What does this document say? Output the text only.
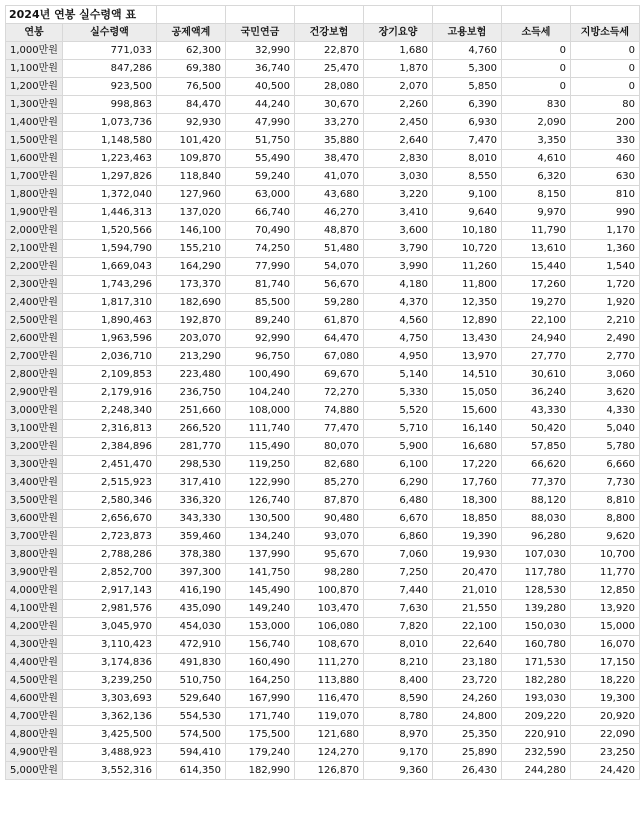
2024년 연봉 실수령액 표								
연봉	실수령액	공제액계	국민연금	건강보험	장기요양	고용보험	소득세	지방소득세
1,000만원	771,033	62,300	32,990	22,870	1,680	4,760	0	0
1,100만원	847,286	69,380	36,740	25,470	1,870	5,300	0	0
1,200만원	923,500	76,500	40,500	28,080	2,070	5,850	0	0
1,300만원	998,863	84,470	44,240	30,670	2,260	6,390	830	80
1,400만원	1,073,736	92,930	47,990	33,270	2,450	6,930	2,090	200
1,500만원	1,148,580	101,420	51,750	35,880	2,640	7,470	3,350	330
1,600만원	1,223,463	109,870	55,490	38,470	2,830	8,010	4,610	460
1,700만원	1,297,826	118,840	59,240	41,070	3,030	8,550	6,320	630
1,800만원	1,372,040	127,960	63,000	43,680	3,220	9,100	8,150	810
1,900만원	1,446,313	137,020	66,740	46,270	3,410	9,640	9,970	990
2,000만원	1,520,566	146,100	70,490	48,870	3,600	10,180	11,790	1,170
2,100만원	1,594,790	155,210	74,250	51,480	3,790	10,720	13,610	1,360
2,200만원	1,669,043	164,290	77,990	54,070	3,990	11,260	15,440	1,540
2,300만원	1,743,296	173,370	81,740	56,670	4,180	11,800	17,260	1,720
2,400만원	1,817,310	182,690	85,500	59,280	4,370	12,350	19,270	1,920
2,500만원	1,890,463	192,870	89,240	61,870	4,560	12,890	22,100	2,210
2,600만원	1,963,596	203,070	92,990	64,470	4,750	13,430	24,940	2,490
2,700만원	2,036,710	213,290	96,750	67,080	4,950	13,970	27,770	2,770
2,800만원	2,109,853	223,480	100,490	69,670	5,140	14,510	30,610	3,060
2,900만원	2,179,916	236,750	104,240	72,270	5,330	15,050	36,240	3,620
3,000만원	2,248,340	251,660	108,000	74,880	5,520	15,600	43,330	4,330
3,100만원	2,316,813	266,520	111,740	77,470	5,710	16,140	50,420	5,040
3,200만원	2,384,896	281,770	115,490	80,070	5,900	16,680	57,850	5,780
3,300만원	2,451,470	298,530	119,250	82,680	6,100	17,220	66,620	6,660
3,400만원	2,515,923	317,410	122,990	85,270	6,290	17,760	77,370	7,730
3,500만원	2,580,346	336,320	126,740	87,870	6,480	18,300	88,120	8,810
3,600만원	2,656,670	343,330	130,500	90,480	6,670	18,850	88,030	8,800
3,700만원	2,723,873	359,460	134,240	93,070	6,860	19,390	96,280	9,620
3,800만원	2,788,286	378,380	137,990	95,670	7,060	19,930	107,030	10,700
3,900만원	2,852,700	397,300	141,750	98,280	7,250	20,470	117,780	11,770
4,000만원	2,917,143	416,190	145,490	100,870	7,440	21,010	128,530	12,850
4,100만원	2,981,576	435,090	149,240	103,470	7,630	21,550	139,280	13,920
4,200만원	3,045,970	454,030	153,000	106,080	7,820	22,100	150,030	15,000
4,300만원	3,110,423	472,910	156,740	108,670	8,010	22,640	160,780	16,070
4,400만원	3,174,836	491,830	160,490	111,270	8,210	23,180	171,530	17,150
4,500만원	3,239,250	510,750	164,250	113,880	8,400	23,720	182,280	18,220
4,600만원	3,303,693	529,640	167,990	116,470	8,590	24,260	193,030	19,300
4,700만원	3,362,136	554,530	171,740	119,070	8,780	24,800	209,220	20,920
4,800만원	3,425,500	574,500	175,500	121,680	8,970	25,350	220,910	22,090
4,900만원	3,488,923	594,410	179,240	124,270	9,170	25,890	232,590	23,250
5,000만원	3,552,316	614,350	182,990	126,870	9,360	26,430	244,280	24,420
